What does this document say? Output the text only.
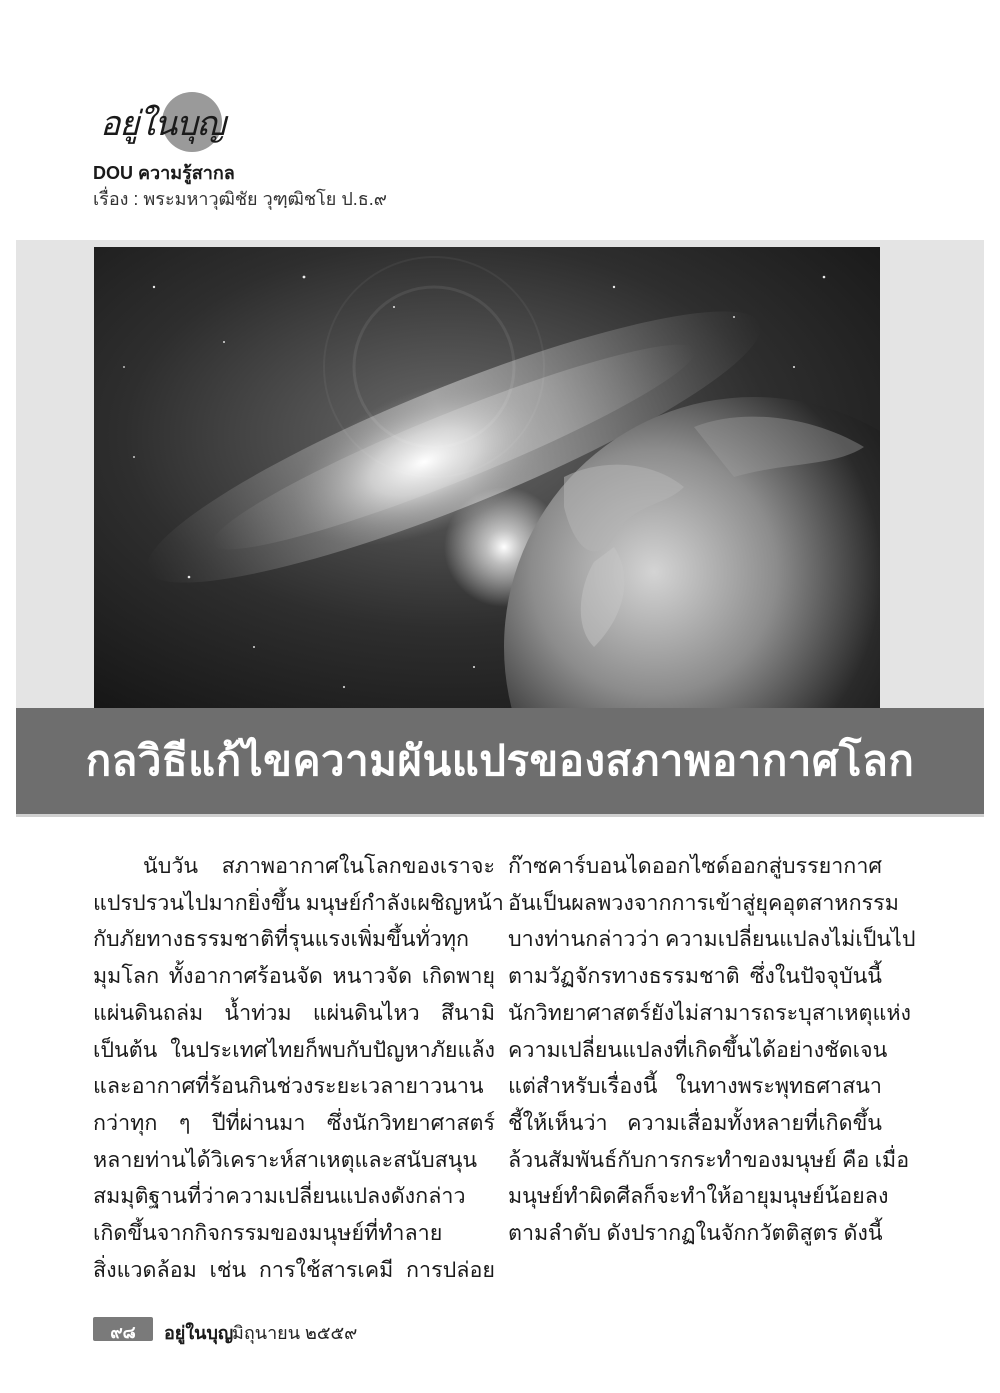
อยู่ในบุญ
DOU ความรู้สากล
เรื่อง : พระมหาวุฒิชัย วุฑฺฒิชโย ป.ธ.๙
กลวิธีแก้ไขความผันแปรของสภาพอากาศโลก
นับวัน สภาพอากาศในโลกของเราจะ
แปรปรวนไปมากยิ่งขึ้น มนุษย์กำลังเผชิญหน้า
กับภัยทางธรรมชาติที่รุนแรงเพิ่มขึ้นทั่วทุก
มุมโลก ทั้งอากาศร้อนจัด หนาวจัด เกิดพายุ
แผ่นดินถล่ม น้ำท่วม แผ่นดินไหว สึนามิ
เป็นต้น ในประเทศไทยก็พบกับปัญหาภัยแล้ง
และอากาศที่ร้อนกินช่วงระยะเวลายาวนาน
กว่าทุก ๆ ปีที่ผ่านมา ซึ่งนักวิทยาศาสตร์
หลายท่านได้วิเคราะห์สาเหตุและสนับสนุน
สมมุติฐานที่ว่าความเปลี่ยนแปลงดังกล่าว
เกิดขึ้นจากกิจกรรมของมนุษย์ที่ทำลาย
สิ่งแวดล้อม เช่น การใช้สารเคมี การปล่อย
ก๊าซคาร์บอนไดออกไซด์ออกสู่บรรยากาศ
อันเป็นผลพวงจากการเข้าสู่ยุคอุตสาหกรรม
บางท่านกล่าวว่า ความเปลี่ยนแปลงไม่เป็นไป
ตามวัฏจักรทางธรรมชาติ ซึ่งในปัจจุบันนี้
นักวิทยาศาสตร์ยังไม่สามารถระบุสาเหตุแห่ง
ความเปลี่ยนแปลงที่เกิดขึ้นได้อย่างชัดเจน
แต่สำหรับเรื่องนี้ ในทางพระพุทธศาสนา
ชี้ให้เห็นว่า ความเสื่อมทั้งหลายที่เกิดขึ้น
ล้วนสัมพันธ์กับการกระทำของมนุษย์ คือ เมื่อ
มนุษย์ทำผิดศีลก็จะทำให้อายุมนุษย์น้อยลง
ตามลำดับ ดังปรากฏในจักกวัตติสูตร ดังนี้
๙๘	อยู่ในบุญ
มิถุนายน ๒๕๕๙
